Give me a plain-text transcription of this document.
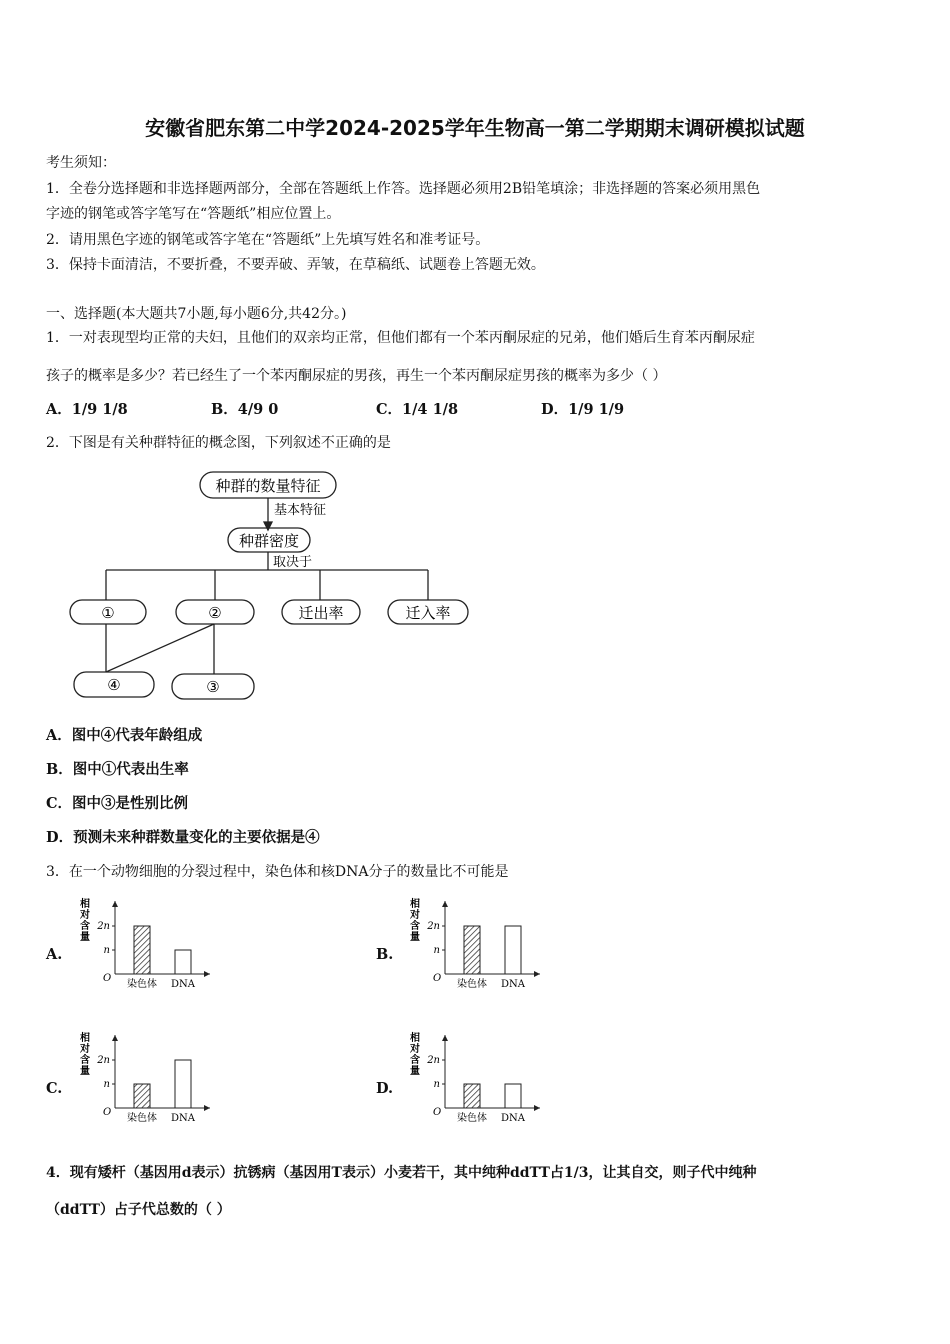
安徽省肥东第二中学2024-2025学年生物高一第二学期期末调研模拟试题
考生须知：
1．全卷分选择题和非选择题两部分，全部在答题纸上作答。选择题必须用2B铅笔填涂；非选择题的答案必须用黑色
字迹的钢笔或答字笔写在“答题纸”相应位置上。
2．请用黑色字迹的钢笔或答字笔在“答题纸”上先填写姓名和准考证号。
3．保持卡面清洁，不要折叠，不要弄破、弄皱，在草稿纸、试题卷上答题无效。
一、选择题(本大题共7小题,每小题6分,共42分。)
1．一对表现型均正常的夫妇，且他们的双亲均正常，但他们都有一个苯丙酮尿症的兄弟，他们婚后生育苯丙酮尿症
孩子的概率是多少？若已经生了一个苯丙酮尿症的男孩，再生一个苯丙酮尿症男孩的概率为多少（ ）
A．1/9 1/8	B．4/9 0	C．1/4 1/8	D．1/9 1/9
2．下图是有关种群特征的概念图，下列叙述不正确的是
种群的数量特征
基本特征
种群密度
取决于
①	②	迁出率	迁入率
④	③
A．图中④代表年龄组成
B．图中①代表出生率
C．图中③是性别比例
D．预测未来种群数量变化的主要依据是④
3．在一个动物细胞的分裂过程中，染色体和核DNA分子的数量比不可能是
A.	B.
C.	D.
相
对
含
量
2n
n
O
染色体 DNA
相
对
含
量
2n
n
O
染色体 DNA
相
对
含
量
2n
n
O
染色体 DNA
相
对
含
量
2n
n
O
染色体 DNA
4．现有矮杆（基因用d表示）抗锈病（基因用T表示）小麦若干，其中纯种ddTT占1/3，让其自交，则子代中纯种
（ddTT）占子代总数的（ ）
